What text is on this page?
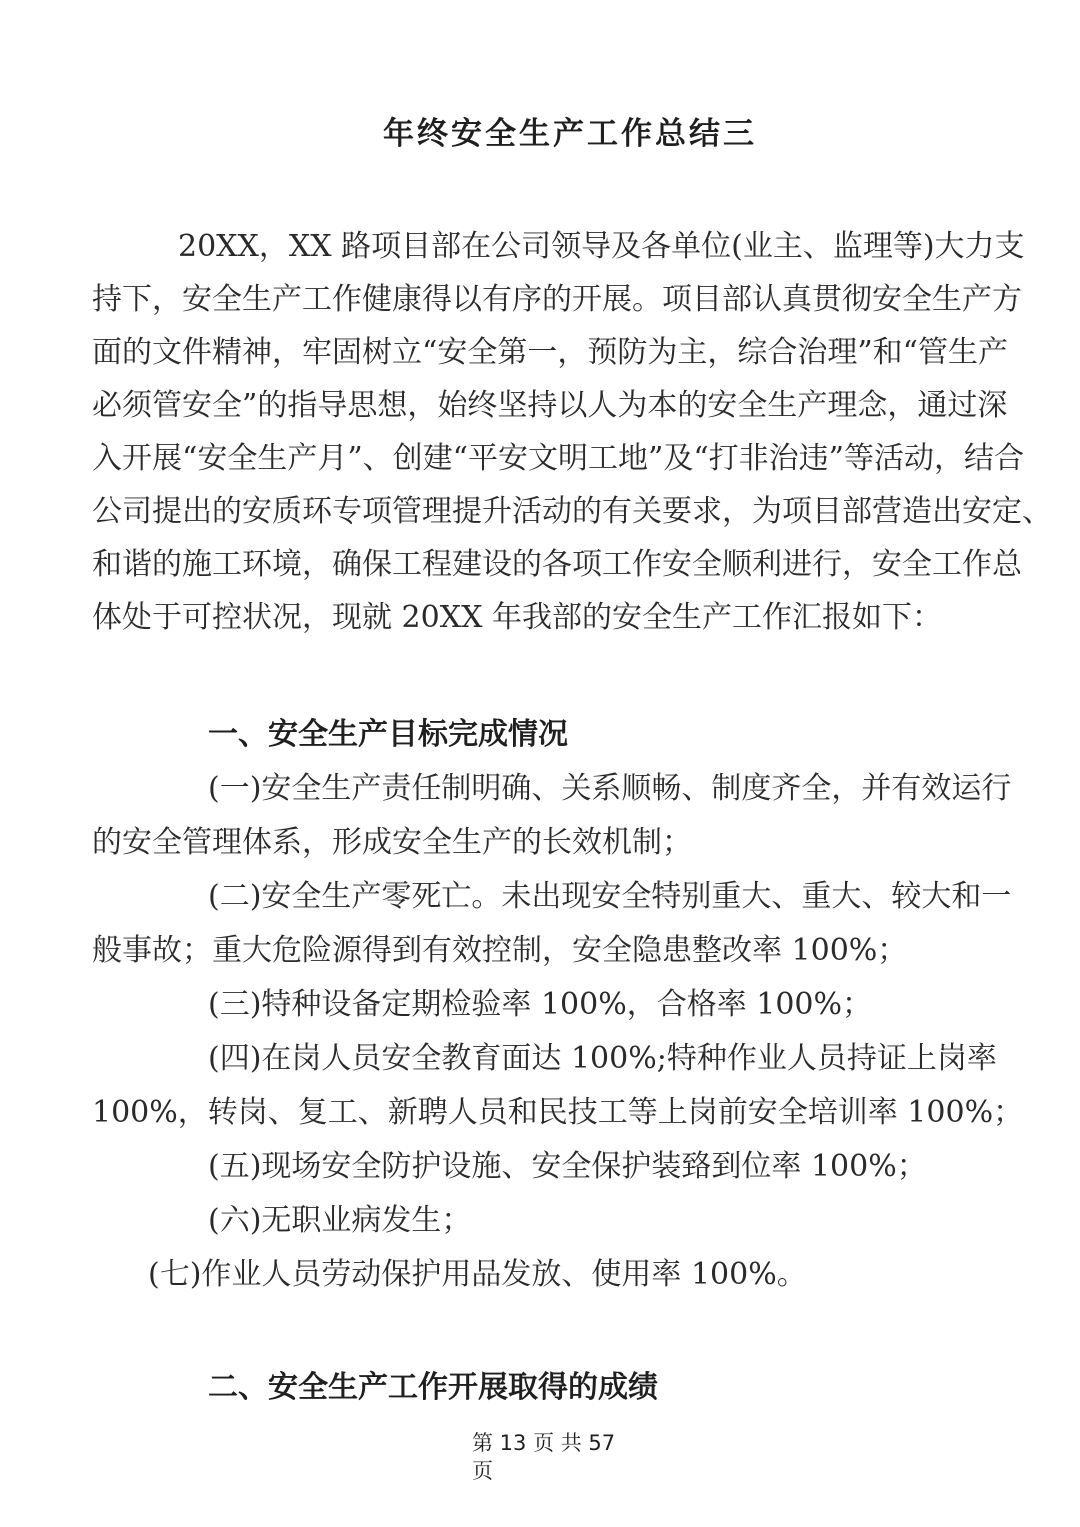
年终安全生产工作总结三
20XX，XX 路项目部在公司领导及各单位(业主、监理等)大力支
持下，安全生产工作健康得以有序的开展。项目部认真贯彻安全生产方
面的文件精神，牢固树立“安全第一，预防为主，综合治理”和“管生产
必须管安全”的指导思想，始终坚持以人为本的安全生产理念，通过深
入开展“安全生产月”、创建“平安文明工地”及“打非治违”等活动，结合
公司提出的安质环专项管理提升活动的有关要求，为项目部营造出安定、
和谐的施工环境，确保工程建设的各项工作安全顺利进行，安全工作总
体处于可控状况，现就 20XX 年我部的安全生产工作汇报如下：
一、安全生产目标完成情况
(一)安全生产责任制明确、关系顺畅、制度齐全，并有效运行
的安全管理体系，形成安全生产的长效机制；
(二)安全生产零死亡。未出现安全特别重大、重大、较大和一
般事故；重大危险源得到有效控制，安全隐患整改率 100%；
(三)特种设备定期检验率 100%，合格率 100%；
(四)在岗人员安全教育面达 100%;特种作业人员持证上岗率
100%，转岗、复工、新聘人员和民技工等上岗前安全培训率 100%；
(五)现场安全防护设施、安全保护装臵到位率 100%；
(六)无职业病发生；
(七)作业人员劳动保护用品发放、使用率 100%。
二、安全生产工作开展取得的成绩
第 13 页 共 57
页
